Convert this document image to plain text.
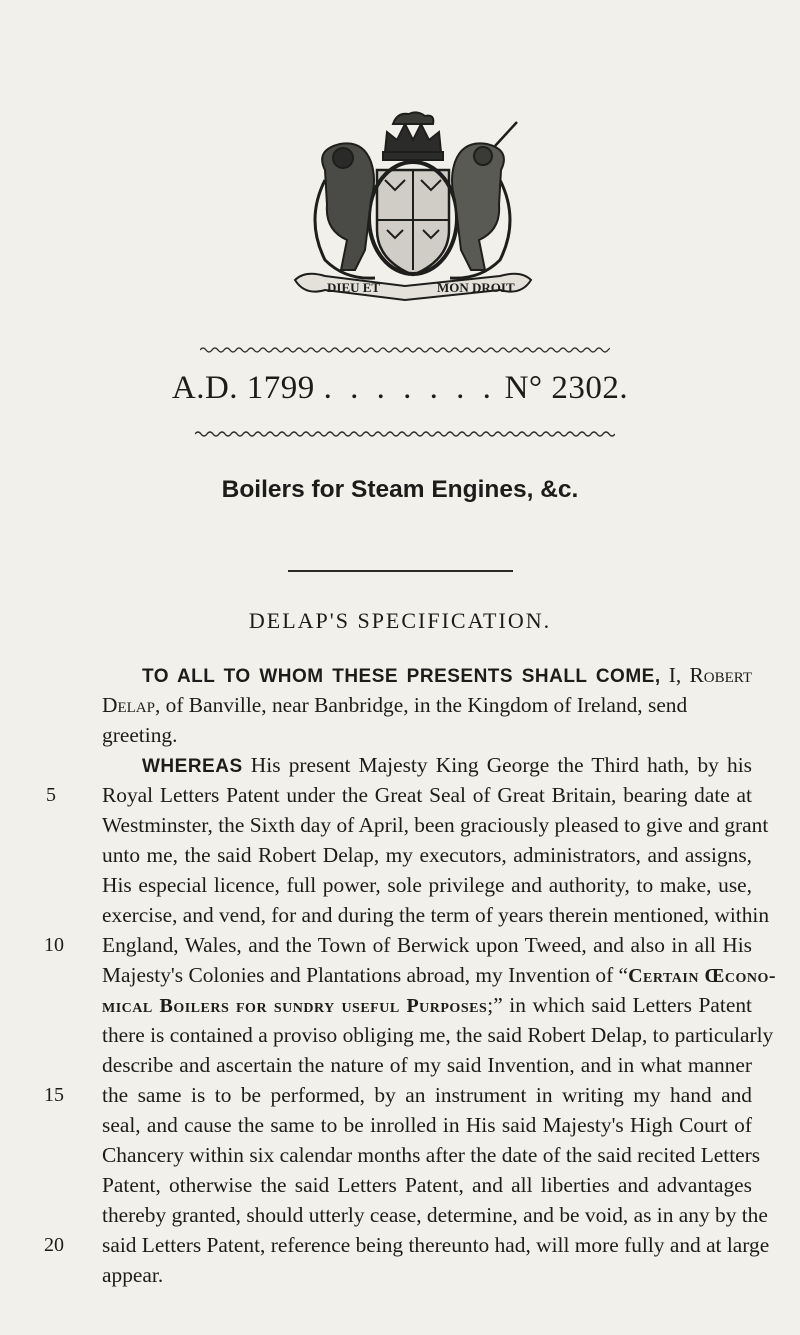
DIEU ET	MON DROIT
A.D. 1799 . . . . . . . N° 2302.
Boilers for Steam Engines, &c.
DELAP'S SPECIFICATION.
TO ALL TO WHOM THESE PRESENTS SHALL COME, I, Robert
Delap, of Banville, near Banbridge, in the Kingdom of Ireland, send
greeting.
WHEREAS His present Majesty King George the Third hath, by his
Royal Letters Patent under the Great Seal of Great Britain, bearing date at
Westminster, the Sixth day of April, been graciously pleased to give and grant
unto me, the said Robert Delap, my executors, administrators, and assigns,
His especial licence, full power, sole privilege and authority, to make, use,
exercise, and vend, for and during the term of years therein mentioned, within
England, Wales, and the Town of Berwick upon Tweed, and also in all His
Majesty's Colonies and Plantations abroad, my Invention of “Certain Œcono-
mical Boilers for sundry useful Purposes;” in which said Letters Patent
there is contained a proviso obliging me, the said Robert Delap, to particularly
describe and ascertain the nature of my said Invention, and in what manner
the same is to be performed, by an instrument in writing my hand and
seal, and cause the same to be inrolled in His said Majesty's High Court of
Chancery within six calendar months after the date of the said recited Letters
Patent, otherwise the said Letters Patent, and all liberties and advantages
thereby granted, should utterly cease, determine, and be void, as in any by the
said Letters Patent, reference being thereunto had, will more fully and at large
appear.
5
10
15
20
